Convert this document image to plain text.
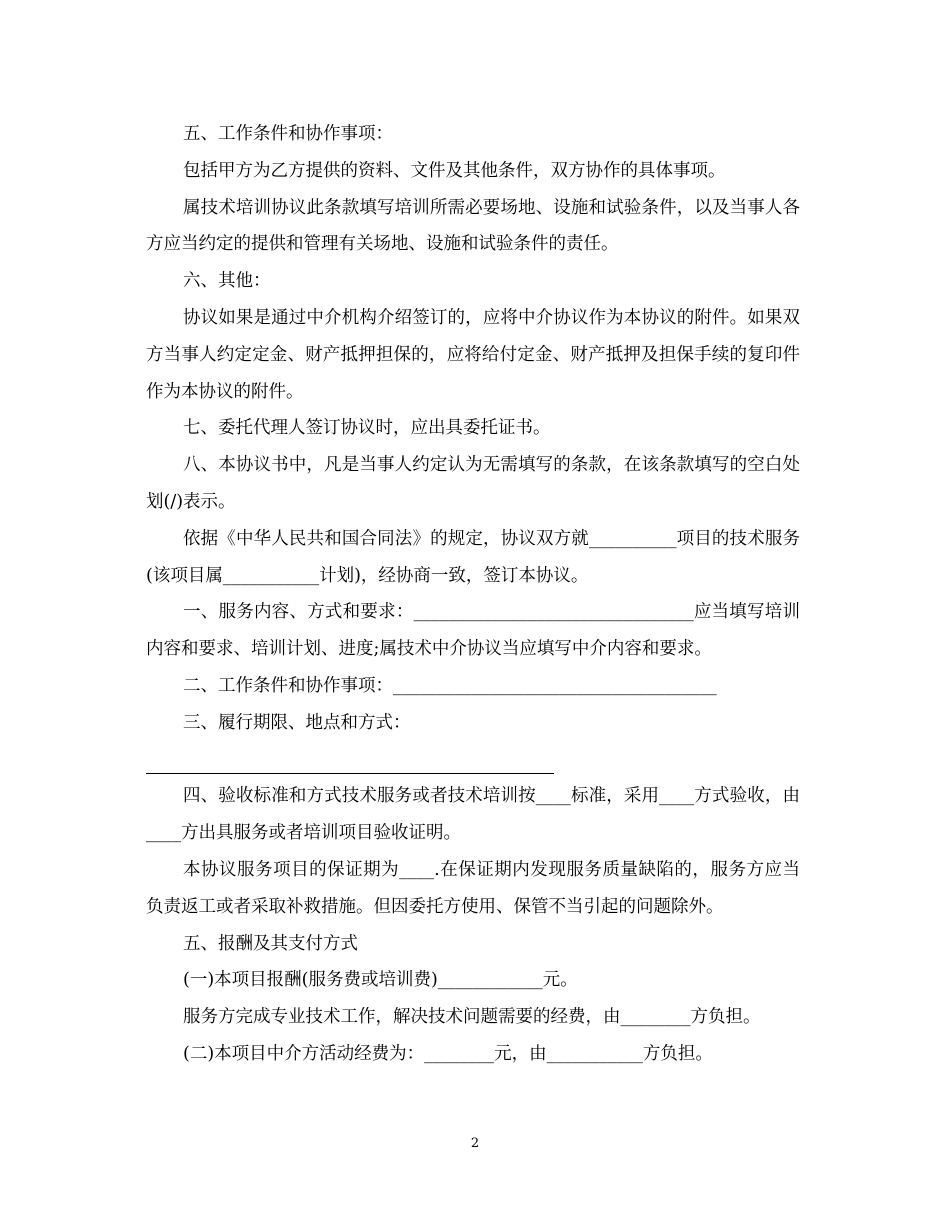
五、工作条件和协作事项：

包括甲方为乙方提供的资料、文件及其他条件，双方协作的具体事项。

属技术培训协议此条款填写培训所需必要场地、设施和试验条件，以及当事人各方应当约定的提供和管理有关场地、设施和试验条件的责任。

六、其他：

协议如果是通过中介机构介绍签订的，应将中介协议作为本协议的附件。如果双方当事人约定定金、财产抵押担保的，应将给付定金、财产抵押及担保手续的复印件作为本协议的附件。

七、委托代理人签订协议时，应出具委托证书。

八、本协议书中，凡是当事人约定认为无需填写的条款，在该条款填写的空白处划(/)表示。

依据《中华人民共和国合同法》的规定，协议双方就__________项目的技术服务(该项目属___________计划)，经协商一致，签订本协议。

一、服务内容、方式和要求：________________________________应当填写培训内容和要求、培训计划、进度;属技术中介协议当应填写中介内容和要求。

二、工作条件和协作事项：_____________________________________

三、履行期限、地点和方式：

四、验收标准和方式技术服务或者技术培训按____标准，采用____方式验收，由____方出具服务或者培训项目验收证明。

本协议服务项目的保证期为____.在保证期内发现服务质量缺陷的，服务方应当负责返工或者采取补救措施。但因委托方使用、保管不当引起的问题除外。

五、报酬及其支付方式

(一)本项目报酬(服务费或培训费)____________元。

服务方完成专业技术工作，解决技术问题需要的经费，由________方负担。

(二)本项目中介方活动经费为：________元，由___________方负担。

2
